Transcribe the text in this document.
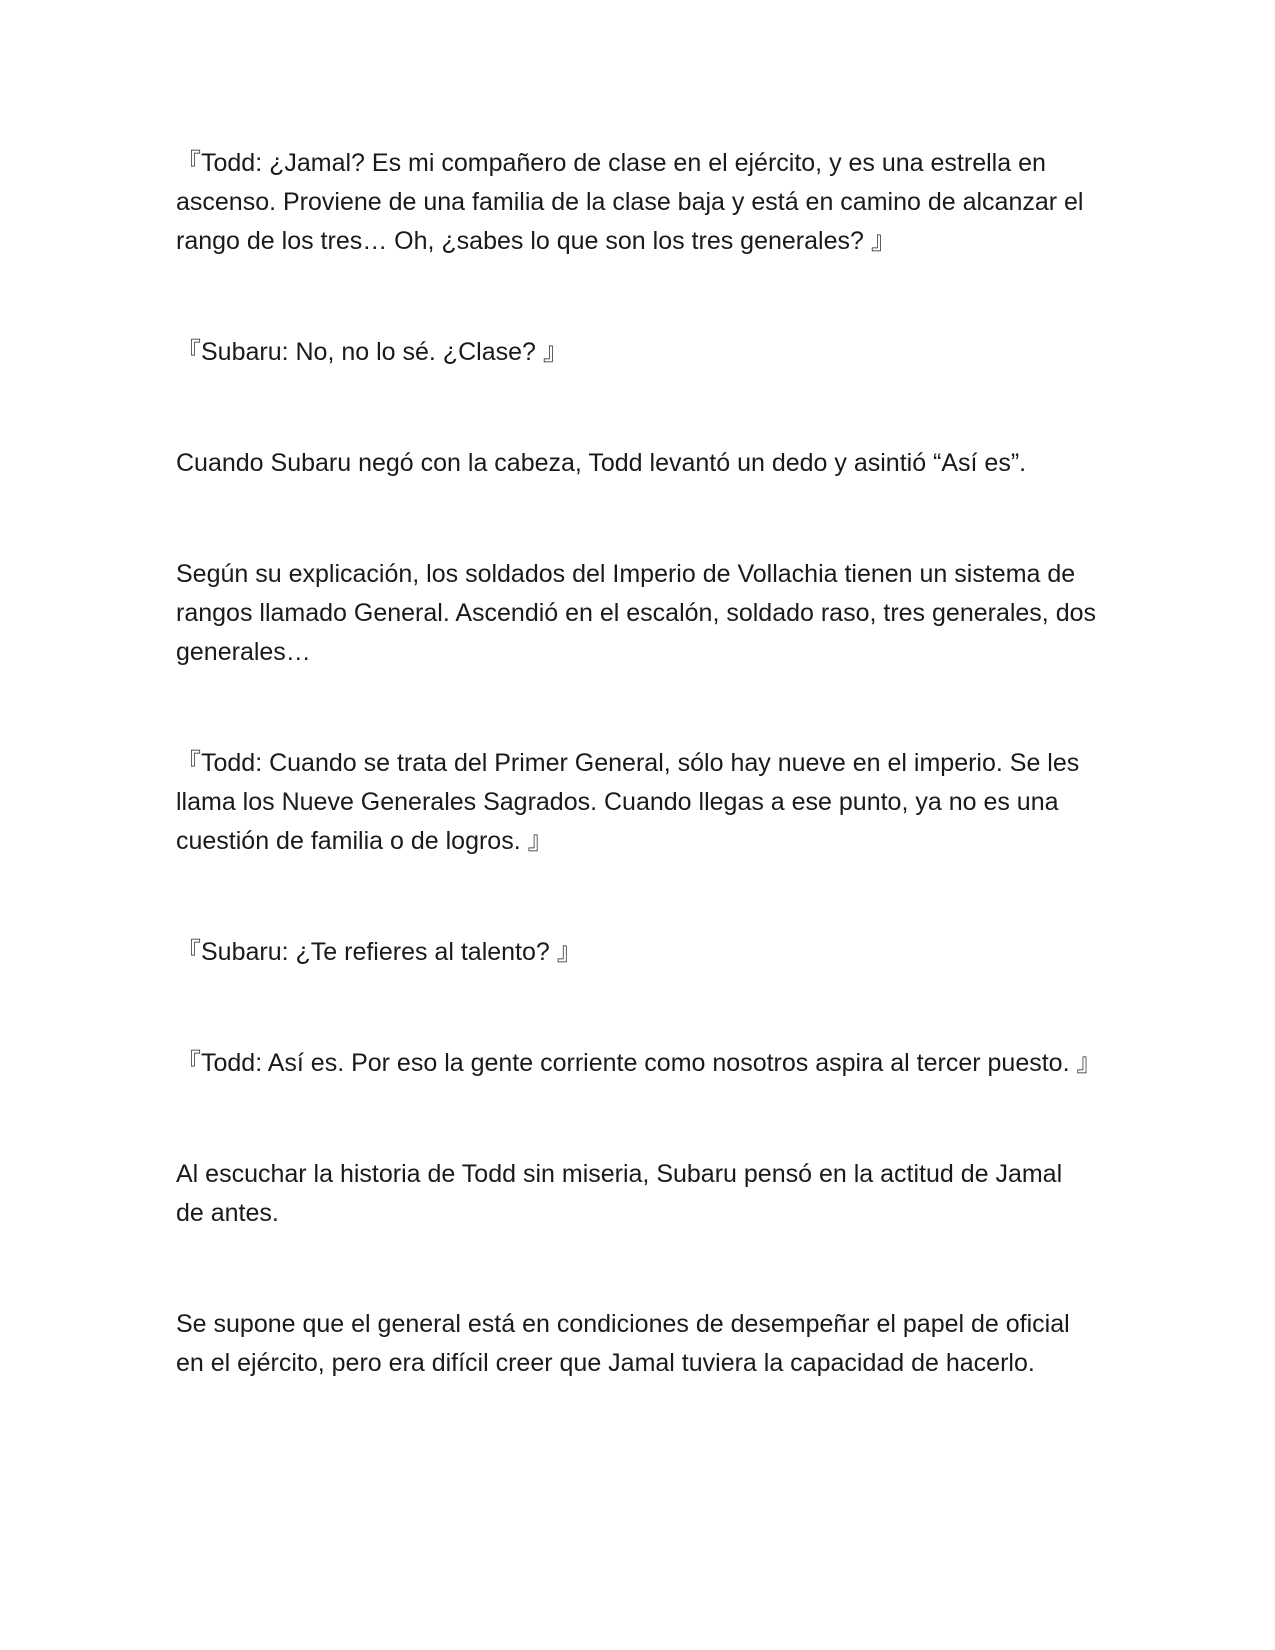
『Todd: ¿Jamal? Es mi compañero de clase en el ejército, y es una estrella en ascenso. Proviene de una familia de la clase baja y está en camino de alcanzar el rango de los tres… Oh, ¿sabes lo que son los tres generales? 』

『Subaru: No, no lo sé. ¿Clase? 』

Cuando Subaru negó con la cabeza, Todd levantó un dedo y asintió “Así es”.

Según su explicación, los soldados del Imperio de Vollachia tienen un sistema de rangos llamado General. Ascendió en el escalón, soldado raso, tres generales, dos generales…

『Todd: Cuando se trata del Primer General, sólo hay nueve en el imperio. Se les llama los Nueve Generales Sagrados. Cuando llegas a ese punto, ya no es una cuestión de familia o de logros. 』

『Subaru: ¿Te refieres al talento? 』

『Todd: Así es. Por eso la gente corriente como nosotros aspira al tercer puesto. 』

Al escuchar la historia de Todd sin miseria, Subaru pensó en la actitud de Jamal de antes.

Se supone que el general está en condiciones de desempeñar el papel de oficial en el ejército, pero era difícil creer que Jamal tuviera la capacidad de hacerlo.
